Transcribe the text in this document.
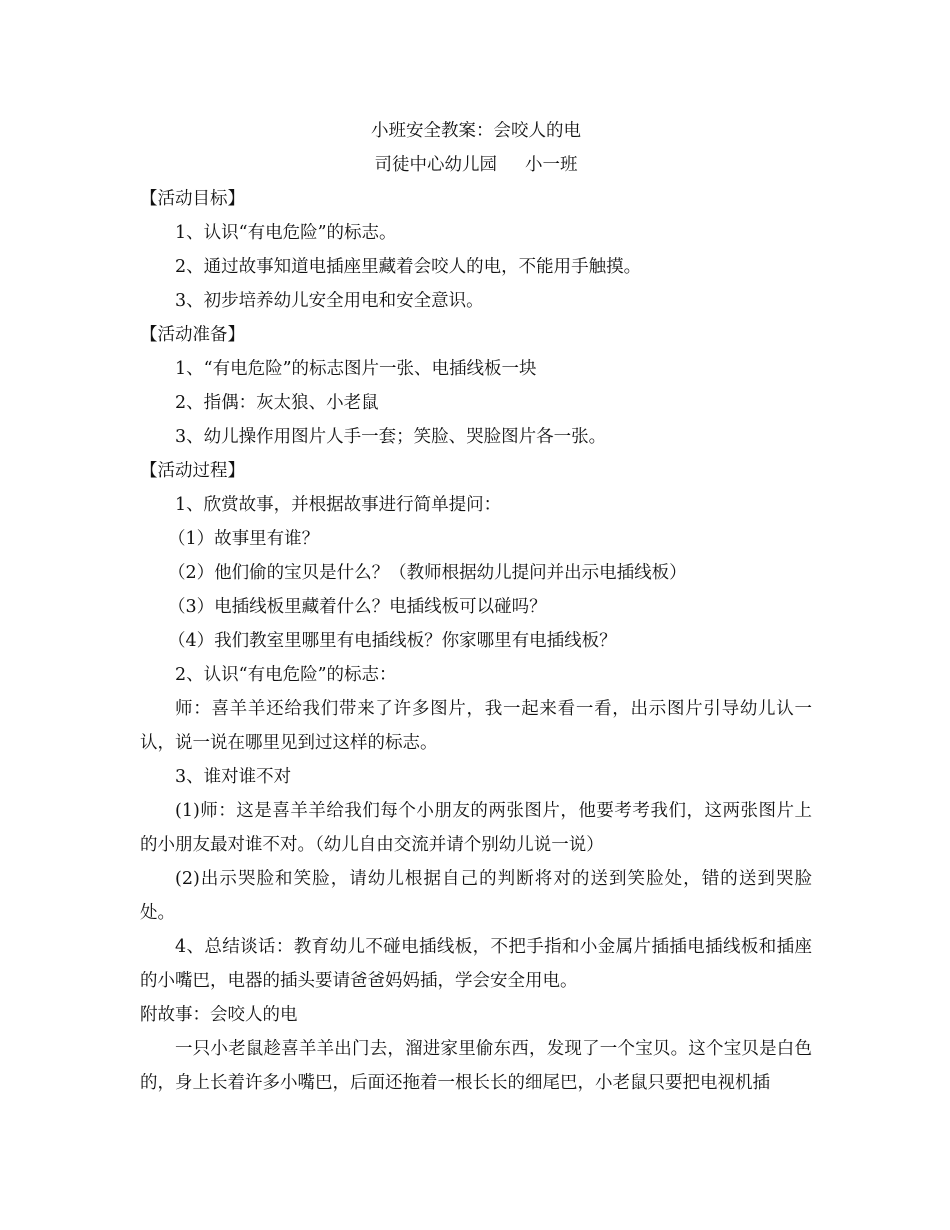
小班安全教案：会咬人的电
司徒中心幼儿园 小一班
【活动目标】
1、认识“有电危险”的标志。
2、通过故事知道电插座里藏着会咬人的电，不能用手触摸。
3、初步培养幼儿安全用电和安全意识。
【活动准备】
1、“有电危险”的标志图片一张、电插线板一块
2、指偶：灰太狼、小老鼠
3、幼儿操作用图片人手一套；笑脸、哭脸图片各一张。
【活动过程】
1、欣赏故事，并根据故事进行简单提问：
（1）故事里有谁？
（2）他们偷的宝贝是什么？（教师根据幼儿提问并出示电插线板）
（3）电插线板里藏着什么？电插线板可以碰吗？
（4）我们教室里哪里有电插线板？你家哪里有电插线板？
2、认识“有电危险”的标志：
师：喜羊羊还给我们带来了许多图片，我一起来看一看，出示图片引导幼儿认一认，说一说在哪里见到过这样的标志。
3、谁对谁不对
(1)师：这是喜羊羊给我们每个小朋友的两张图片，他要考考我们，这两张图片上的小朋友最对谁不对。（幼儿自由交流并请个别幼儿说一说）
(2)出示哭脸和笑脸，请幼儿根据自己的判断将对的送到笑脸处，错的送到哭脸处。
4、总结谈话：教育幼儿不碰电插线板，不把手指和小金属片插插电插线板和插座的小嘴巴，电器的插头要请爸爸妈妈插，学会安全用电。
附故事：会咬人的电
一只小老鼠趁喜羊羊出门去，溜进家里偷东西，发现了一个宝贝。这个宝贝是白色的，身上长着许多小嘴巴，后面还拖着一根长长的细尾巴，小老鼠只要把电视机插
